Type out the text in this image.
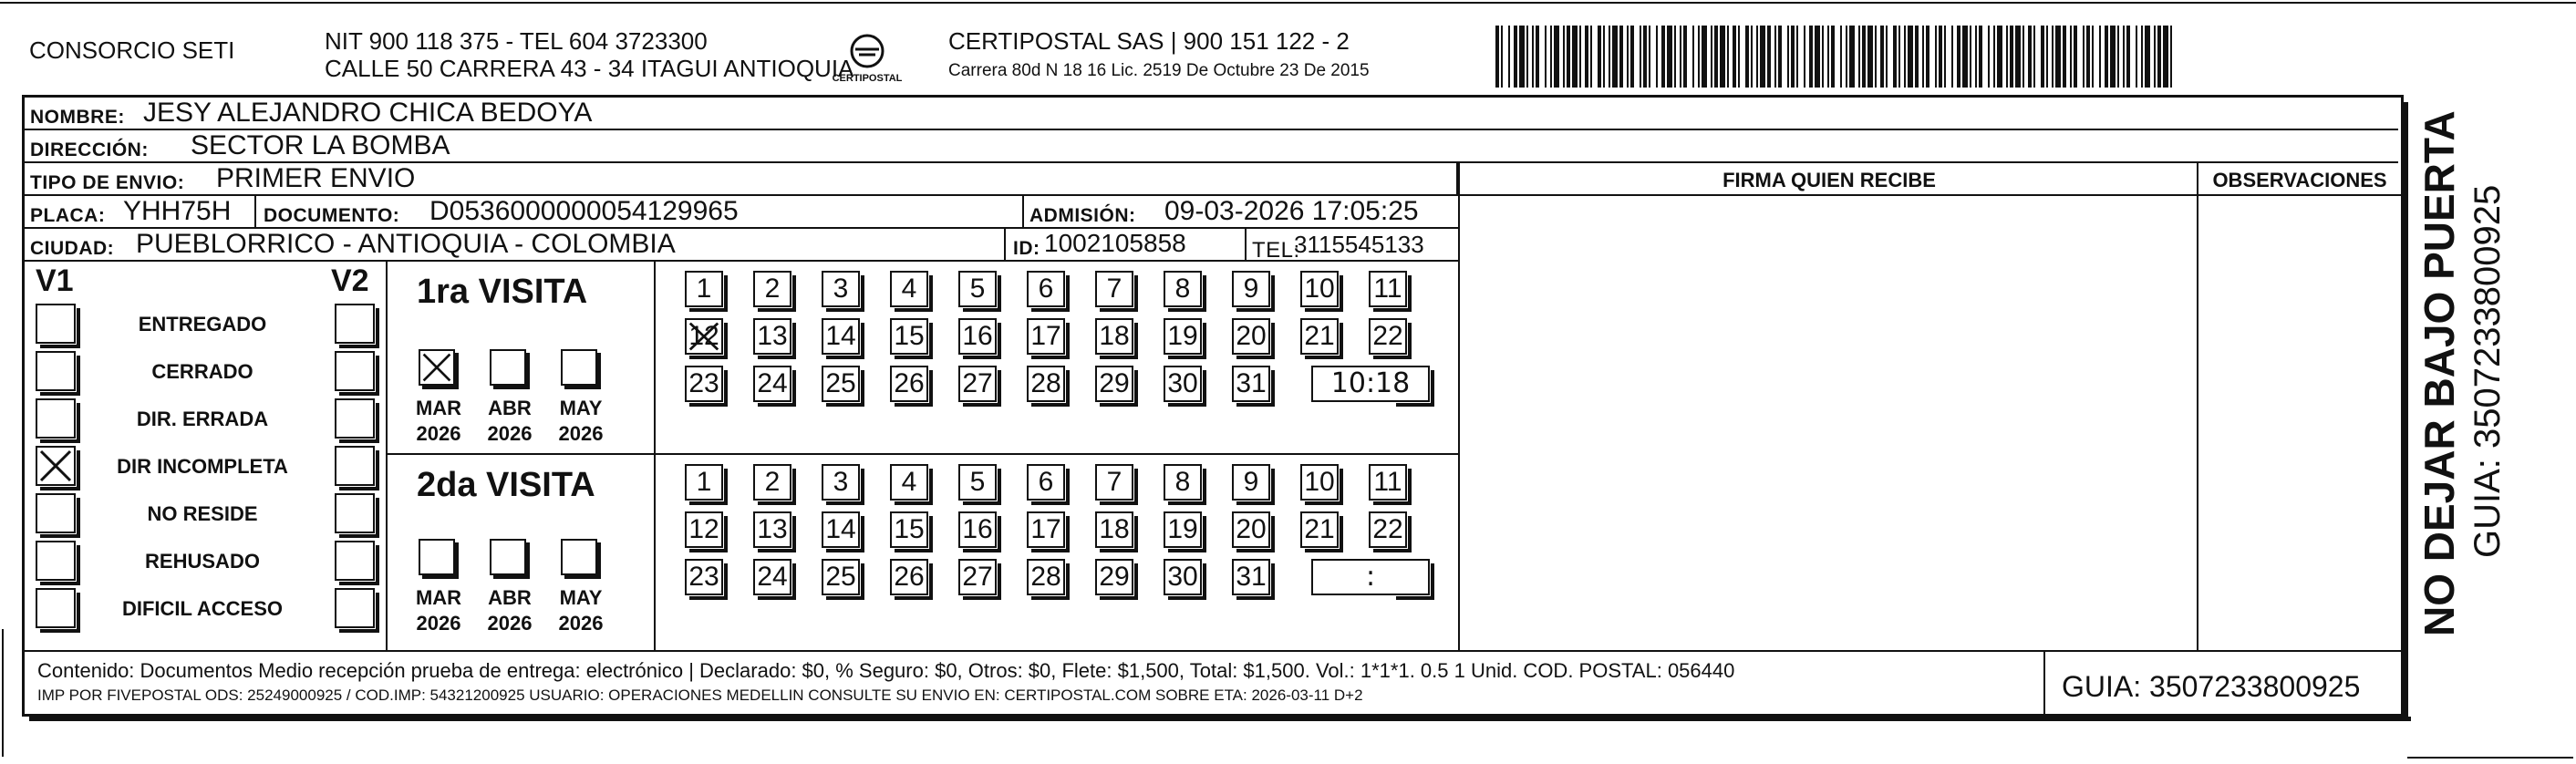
CONSORCIO SETI	NIT 900 118 375 - TEL 604 3723300
CALLE 50 CARRERA 43 - 34 ITAGUI ANTIOQUIA
CERTIPOSTAL
CERTIPOSTAL SAS | 900 151 122 - 2
Carrera 80d N 18 16 Lic. 2519 De Octubre 23 De 2015
NOMBRE: JESY ALEJANDRO CHICA BEDOYA
DIRECCIÓN: SECTOR LA BOMBA
TIPO DE ENVIO: PRIMER ENVIO
PLACA: YHH75H DOCUMENTO: D0536000000054129965	ADMISIÓN: 09-03-2026 17:05:25
CIUDAD: PUEBLORRICO - ANTIOQUIA - COLOMBIA	ID: 1002105858	TEL:
3115545133
FIRMA QUIEN RECIBE	OBSERVACIONES
V1	V2
ENTREGADO
CERRADO
DIR. ERRADA
DIR INCOMPLETA
NO RESIDE
REHUSADO
DIFICIL ACCESO
1ra VISITA
MAR
2026
ABR
2026
MAY
2026
1	2	3	4	5	6	7	8	9	10 11
12 13 14 15 16 17 18 19 20 21 22
23 24 25 26 27 28 29 30 31	10:18
2da VISITA
MAR
2026
ABR
2026
MAY
2026
1	2	3	4	5	6	7	8	9	10 11
12 13 14 15 16 17 18 19 20 21 22
23 24 25 26 27 28 29 30 31	:
Contenido: Documentos Medio recepción prueba de entrega: electrónico | Declarado: $0, % Seguro: $0, Otros: $0, Flete: $1,500, Total: $1,500. Vol.: 1*1*1. 0.5 1 Unid. COD. POSTAL: 056440
IMP POR FIVEPOSTAL ODS: 25249000925 / COD.IMP: 54321200925 USUARIO: OPERACIONES MEDELLIN CONSULTE SU ENVIO EN: CERTIPOSTAL.COM SOBRE ETA: 2026-03-11 D+2	GUIA: 3507233800925
NO DEJAR BAJO PUERTA GUIA: 3507233800925
